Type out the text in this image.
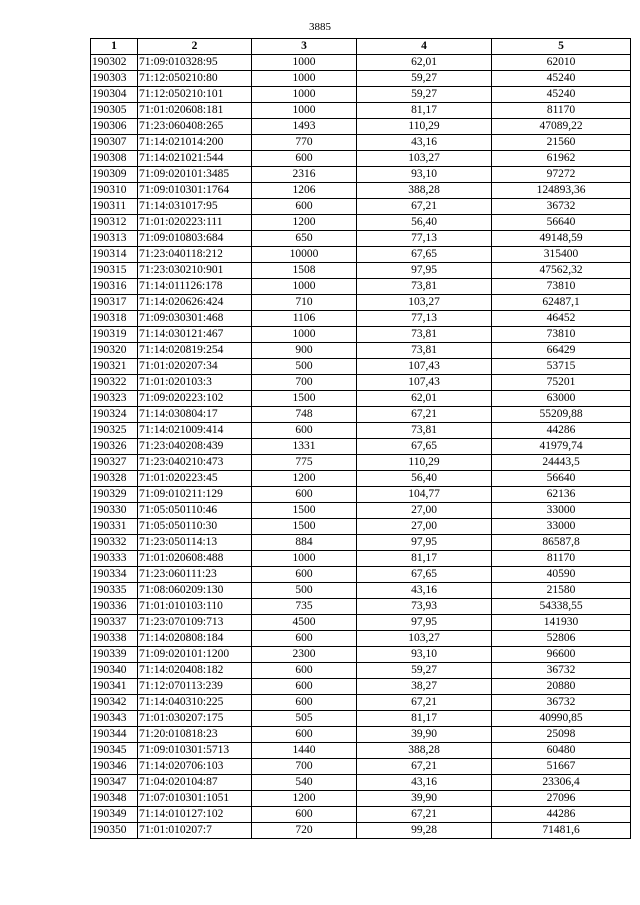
3885
1	2	3	4	5
190302	71:09:010328:95	1000	62,01	62010
190303	71:12:050210:80	1000	59,27	45240
190304	71:12:050210:101	1000	59,27	45240
190305	71:01:020608:181	1000	81,17	81170
190306	71:23:060408:265	1493	110,29	47089,22
190307	71:14:021014:200	770	43,16	21560
190308	71:14:021021:544	600	103,27	61962
190309	71:09:020101:3485	2316	93,10	97272
190310	71:09:010301:1764	1206	388,28	124893,36
190311	71:14:031017:95	600	67,21	36732
190312	71:01:020223:111	1200	56,40	56640
190313	71:09:010803:684	650	77,13	49148,59
190314	71:23:040118:212	10000	67,65	315400
190315	71:23:030210:901	1508	97,95	47562,32
190316	71:14:011126:178	1000	73,81	73810
190317	71:14:020626:424	710	103,27	62487,1
190318	71:09:030301:468	1106	77,13	46452
190319	71:14:030121:467	1000	73,81	73810
190320	71:14:020819:254	900	73,81	66429
190321	71:01:020207:34	500	107,43	53715
190322	71:01:020103:3	700	107,43	75201
190323	71:09:020223:102	1500	62,01	63000
190324	71:14:030804:17	748	67,21	55209,88
190325	71:14:021009:414	600	73,81	44286
190326	71:23:040208:439	1331	67,65	41979,74
190327	71:23:040210:473	775	110,29	24443,5
190328	71:01:020223:45	1200	56,40	56640
190329	71:09:010211:129	600	104,77	62136
190330	71:05:050110:46	1500	27,00	33000
190331	71:05:050110:30	1500	27,00	33000
190332	71:23:050114:13	884	97,95	86587,8
190333	71:01:020608:488	1000	81,17	81170
190334	71:23:060111:23	600	67,65	40590
190335	71:08:060209:130	500	43,16	21580
190336	71:01:010103:110	735	73,93	54338,55
190337	71:23:070109:713	4500	97,95	141930
190338	71:14:020808:184	600	103,27	52806
190339	71:09:020101:1200	2300	93,10	96600
190340	71:14:020408:182	600	59,27	36732
190341	71:12:070113:239	600	38,27	20880
190342	71:14:040310:225	600	67,21	36732
190343	71:01:030207:175	505	81,17	40990,85
190344	71:20:010818:23	600	39,90	25098
190345	71:09:010301:5713	1440	388,28	60480
190346	71:14:020706:103	700	67,21	51667
190347	71:04:020104:87	540	43,16	23306,4
190348	71:07:010301:1051	1200	39,90	27096
190349	71:14:010127:102	600	67,21	44286
190350	71:01:010207:7	720	99,28	71481,6
